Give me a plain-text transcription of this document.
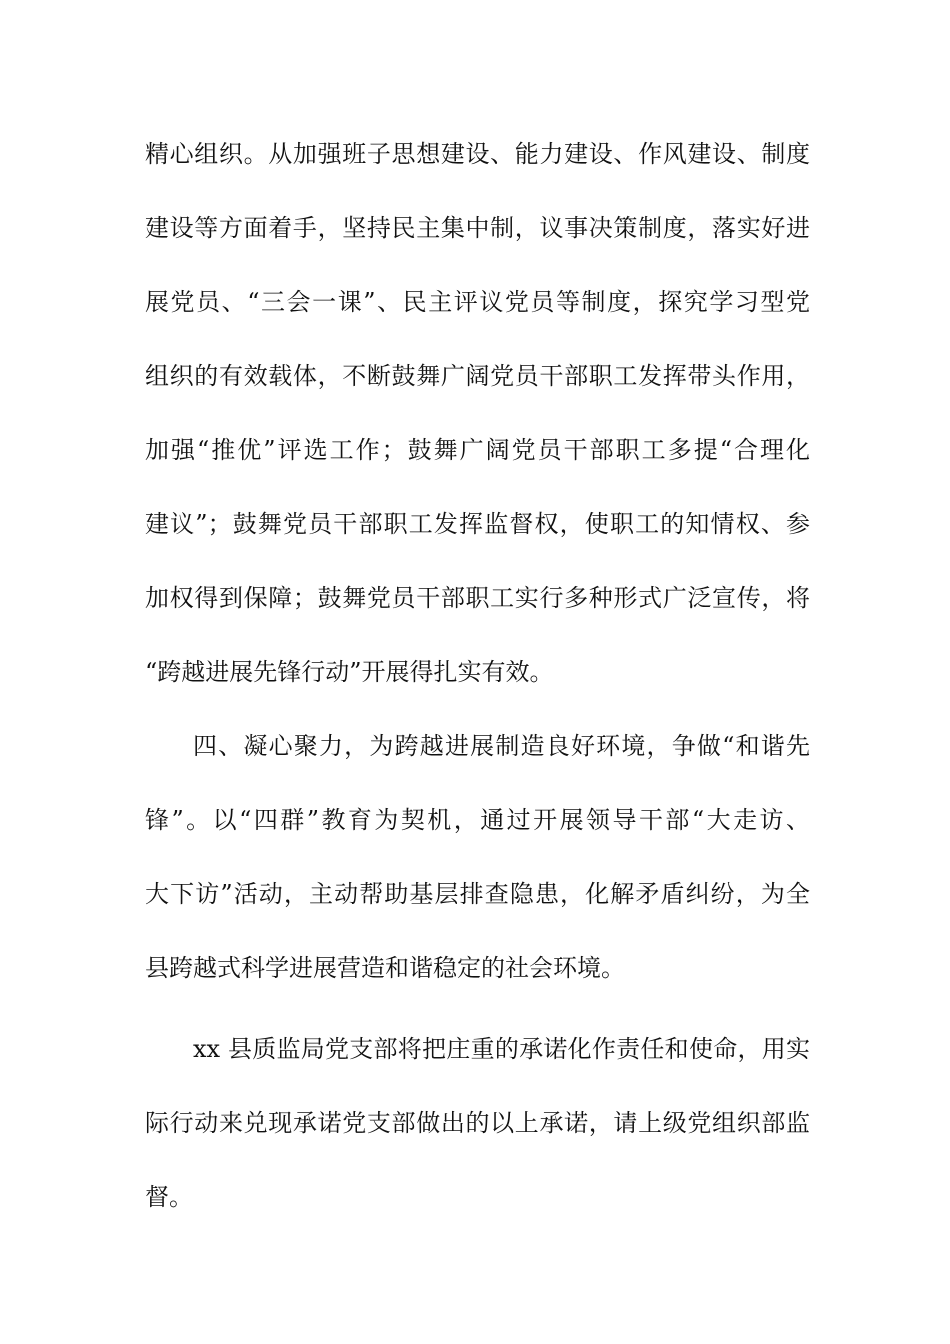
精心组织。从加强班子思想建设、能力建设、作风建设、制度
建设等方面着手，坚持民主集中制，议事决策制度，落实好进
展党员、“三会一课”、民主评议党员等制度，探究学习型党
组织的有效载体，不断鼓舞广阔党员干部职工发挥带头作用，
加强“推优”评选工作；鼓舞广阔党员干部职工多提“合理化
建议”；鼓舞党员干部职工发挥监督权，使职工的知情权、参
加权得到保障；鼓舞党员干部职工实行多种形式广泛宣传，将
“跨越进展先锋行动”开展得扎实有效。
四、凝心聚力，为跨越进展制造良好环境，争做“和谐先
锋”。以“四群”教育为契机，通过开展领导干部“大走访、
大下访”活动，主动帮助基层排查隐患，化解矛盾纠纷，为全
县跨越式科学进展营造和谐稳定的社会环境。
xx 县质监局党支部将把庄重的承诺化作责任和使命，用实
际行动来兑现承诺党支部做出的以上承诺，请上级党组织部监
督。
